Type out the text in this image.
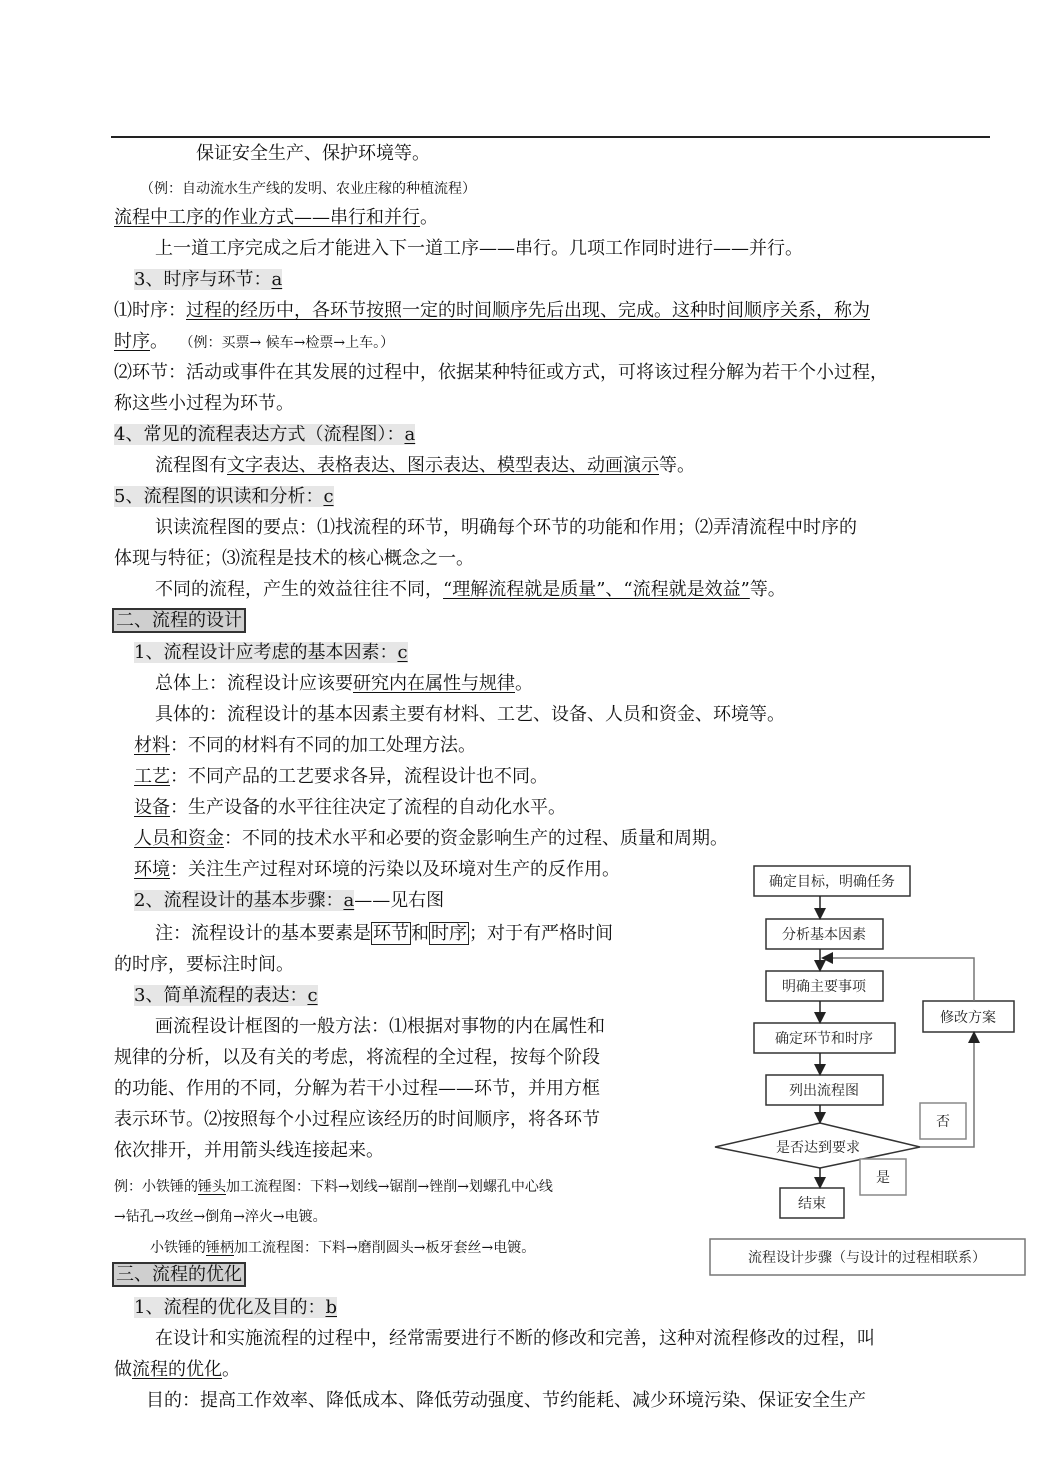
保证安全生产、保护环境等。
（例：自动流水生产线的发明、农业庄稼的种植流程）
流程中工序的作业方式——串行和并行。
上一道工序完成之后才能进入下一道工序——串行。几项工作同时进行——并行。
3、时序与环节：a
⑴时序：过程的经历中，各环节按照一定的时间顺序先后出现、完成。这种时间顺序关系，称为
时序。 （例：买票→ 候车→检票→上车。）
⑵环节：活动或事件在其发展的过程中，依据某种特征或方式，可将该过程分解为若干个小过程，
称这些小过程为环节。
4、常见的流程表达方式（流程图）：a
流程图有文字表达、表格表达、图示表达、模型表达、动画演示等。
5、流程图的识读和分析：c
识读流程图的要点：⑴找流程的环节，明确每个环节的功能和作用；⑵弄清流程中时序的
体现与特征；⑶流程是技术的核心概念之一。
不同的流程，产生的效益往往不同，“理解流程就是质量”、“流程就是效益”等。
二、流程的设计
1、流程设计应考虑的基本因素：c
总体上：流程设计应该要研究内在属性与规律。
具体的：流程设计的基本因素主要有材料、工艺、设备、人员和资金、环境等。
材料：不同的材料有不同的加工处理方法。
工艺：不同产品的工艺要求各异，流程设计也不同。
设备：生产设备的水平往往决定了流程的自动化水平。
人员和资金：不同的技术水平和必要的资金影响生产的过程、质量和周期。
环境：关注生产过程对环境的污染以及环境对生产的反作用。
2、流程设计的基本步骤：a——见右图
注：流程设计的基本要素是 环节 和 时序 ；对于有严格时间
的时序，要标注时间。
3、简单流程的表达：c
画流程设计框图的一般方法：⑴根据对事物的内在属性和
规律的分析，以及有关的考虑，将流程的全过程，按每个阶段
的功能、作用的不同，分解为若干小过程——环节，并用方框
表示环节。⑵按照每个小过程应该经历的时间顺序，将各环节
依次排开，并用箭头线连接起来。
例：小铁锤的锤头加工流程图：下料→划线→锯削→锉削→划螺孔中心线
→钻孔→攻丝→倒角→淬火→电镀。
小铁锤的锤柄加工流程图：下料→磨削圆头→板牙套丝→电镀。
三、流程的优化
1、流程的优化及目的：b
在设计和实施流程的过程中，经常需要进行不断的修改和完善，这种对流程修改的过程，叫
做流程的优化。
目的：提高工作效率、降低成本、降低劳动强度、节约能耗、减少环境污染、保证安全生产
确定目标，明确任务
分析基本因素
明确主要事项
确定环节和时序
列出流程图
是否达到要求
结束
修改方案
否
是
流程设计步骤（与设计的过程相联系）
